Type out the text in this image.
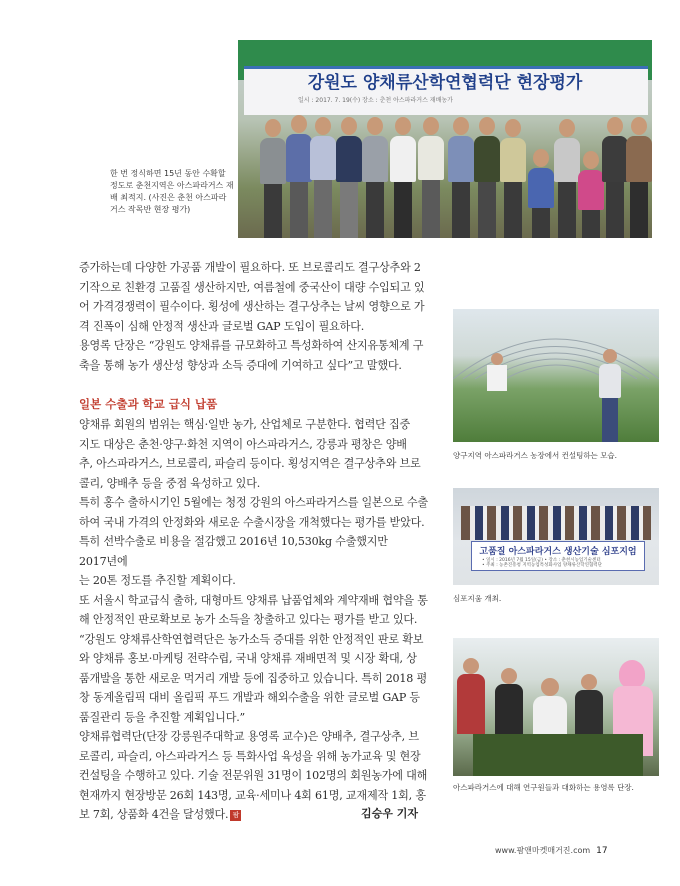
강원도 양채류산학연협력단 현장평가
일시 : 2017. 7. 19(수) 장소 : 춘천 아스파라거스 재배농가
한 번 정식하면 15년 동안 수확할 정도로 춘천지역은 아스파라거스 재배 최적지. (사진은 춘천 아스파라거스 작목반 현장 평가)
증가하는데 다양한 가공품 개발이 필요하다. 또 브로콜리도 결구상추와 2
기작으로 친환경 고품질 생산하지만, 여름철에 중국산이 대량 수입되고 있
어 가격경쟁력이 필수이다. 횡성에 생산하는 결구상추는 날씨 영향으로 가
격 진폭이 심해 안정적 생산과 글로벌 GAP 도입이 필요하다.
용영록 단장은 “강원도 양채류를 규모화하고 특성화하여 산지유통체계 구
축을 통해 농가 생산성 향상과 소득 증대에 기여하고 싶다”고 말했다.
일본 수출과 학교 급식 납품
양채류 회원의 범위는 핵심·일반 농가, 산업체로 구분한다. 협력단 집중
지도 대상은 춘천·양구·화천 지역이 아스파라거스, 강릉과 평창은 양배
추, 아스파라거스, 브로콜리, 파슬리 등이다. 횡성지역은 결구상추와 브로
콜리, 양배추 등을 중점 육성하고 있다.
특히 홍수 출하시기인 5월에는 청정 강원의 아스파라거스를 일본으로 수출
하여 국내 가격의 안정화와 새로운 수출시장을 개척했다는 평가를 받았다.
특히 선박수출로 비용을 절감했고 2016년 10,530kg 수출했지만 2017년에
는 20톤 정도를 추진할 계획이다.
또 서울시 학교급식 출하, 대형마트 양채류 납품업체와 계약재배 협약을 통
해 안정적인 판로확보로 농가 소득을 창출하고 있다는 평가를 받고 있다.
“강원도 양채류산학연협력단은 농가소득 증대를 위한 안정적인 판로 확보
와 양채류 홍보·마케팅 전략수립, 국내 양채류 재배면적 및 시장 확대, 상
품개발을 통한 새로운 먹거리 개발 등에 집중하고 있습니다. 특히 2018 평
창 동계올림픽 대비 올림픽 푸드 개발과 해외수출을 위한 글로벌 GAP 등
품질관리 등을 추진할 계획입니다.”
양채류협력단(단장 강릉원주대학교 용영록 교수)은 양배추, 결구상추, 브
로콜리, 파슬리, 아스파라거스 등 특화사업 육성을 위해 농가교육 및 현장
컨설팅을 수행하고 있다. 기술 전문위원 31명이 102명의 회원농가에 대해
현재까지 현장방문 26회 143명, 교육·세미나 4회 61명, 교재제작 1회, 홍
보 7회, 상품화 4건을 달성했다. 팜	김승우 기자
양구지역 아스파라거스 농장에서 컨설팅하는 모습.
고품질 아스파라거스 생산기술 심포지엄
• 일시 : 2016년 7월 15일(금) • 장소 : 춘천시농업기술센터
• 주최 : 농촌진흥청 지역농업특성화사업 양채류산학연협력단
심포지움 개최.
아스파라거스에 대해 연구원들과 대화하는 용영록 단장.
www.팜앤마켓매거진.com 17
